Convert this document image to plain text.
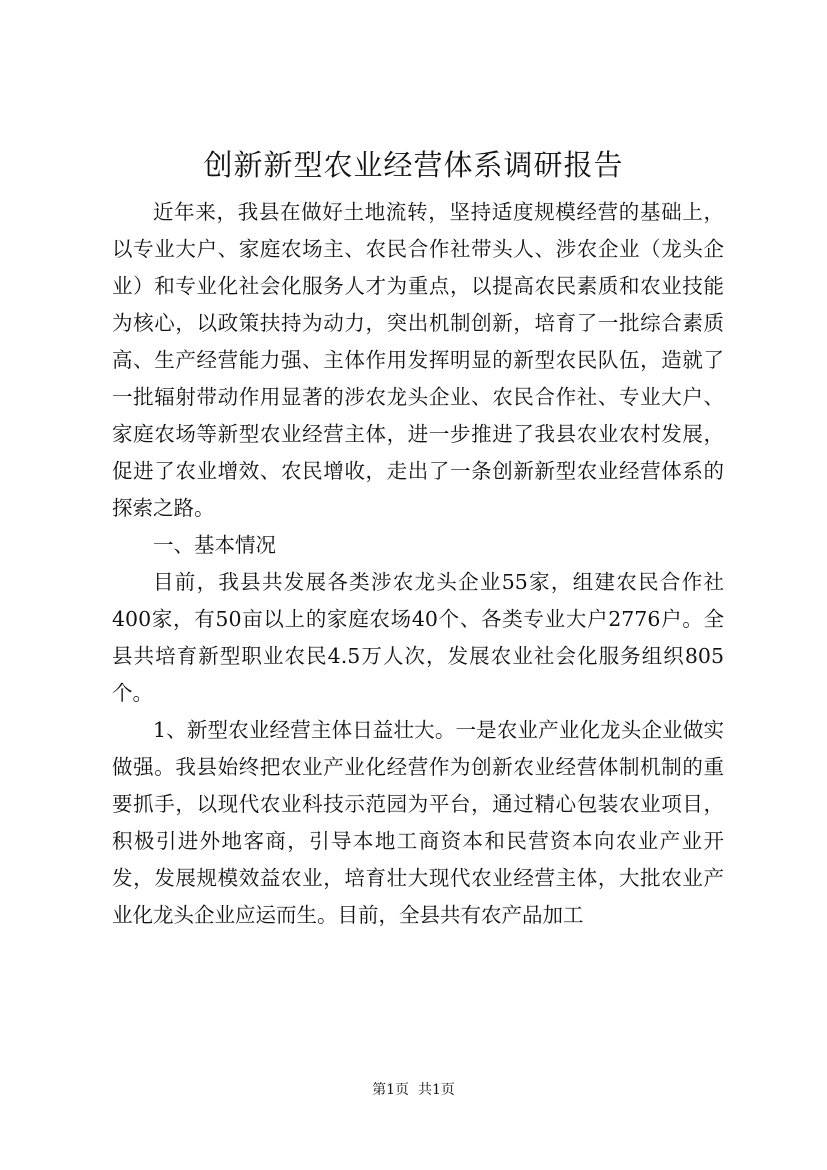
创新新型农业经营体系调研报告

近年来，我县在做好土地流转，坚持适度规模经营的基础上，以专业大户、家庭农场主、农民合作社带头人、涉农企业（龙头企业）和专业化社会化服务人才为重点，以提高农民素质和农业技能为核心，以政策扶持为动力，突出机制创新，培育了一批综合素质高、生产经营能力强、主体作用发挥明显的新型农民队伍，造就了一批辐射带动作用显著的涉农龙头企业、农民合作社、专业大户、家庭农场等新型农业经营主体，进一步推进了我县农业农村发展，促进了农业增效、农民增收，走出了一条创新新型农业经营体系的探索之路。

一、基本情况

目前，我县共发展各类涉农龙头企业55家，组建农民合作社400家，有50亩以上的家庭农场40个、各类专业大户2776户。全县共培育新型职业农民4.5万人次，发展农业社会化服务组织805个。

1、新型农业经营主体日益壮大。一是农业产业化龙头企业做实做强。我县始终把农业产业化经营作为创新农业经营体制机制的重要抓手，以现代农业科技示范园为平台，通过精心包装农业项目，积极引进外地客商，引导本地工商资本和民营资本向农业产业开发，发展规模效益农业，培育壮大现代农业经营主体，大批农业产业化龙头企业应运而生。目前，全县共有农产品加工

第1页  共1页
